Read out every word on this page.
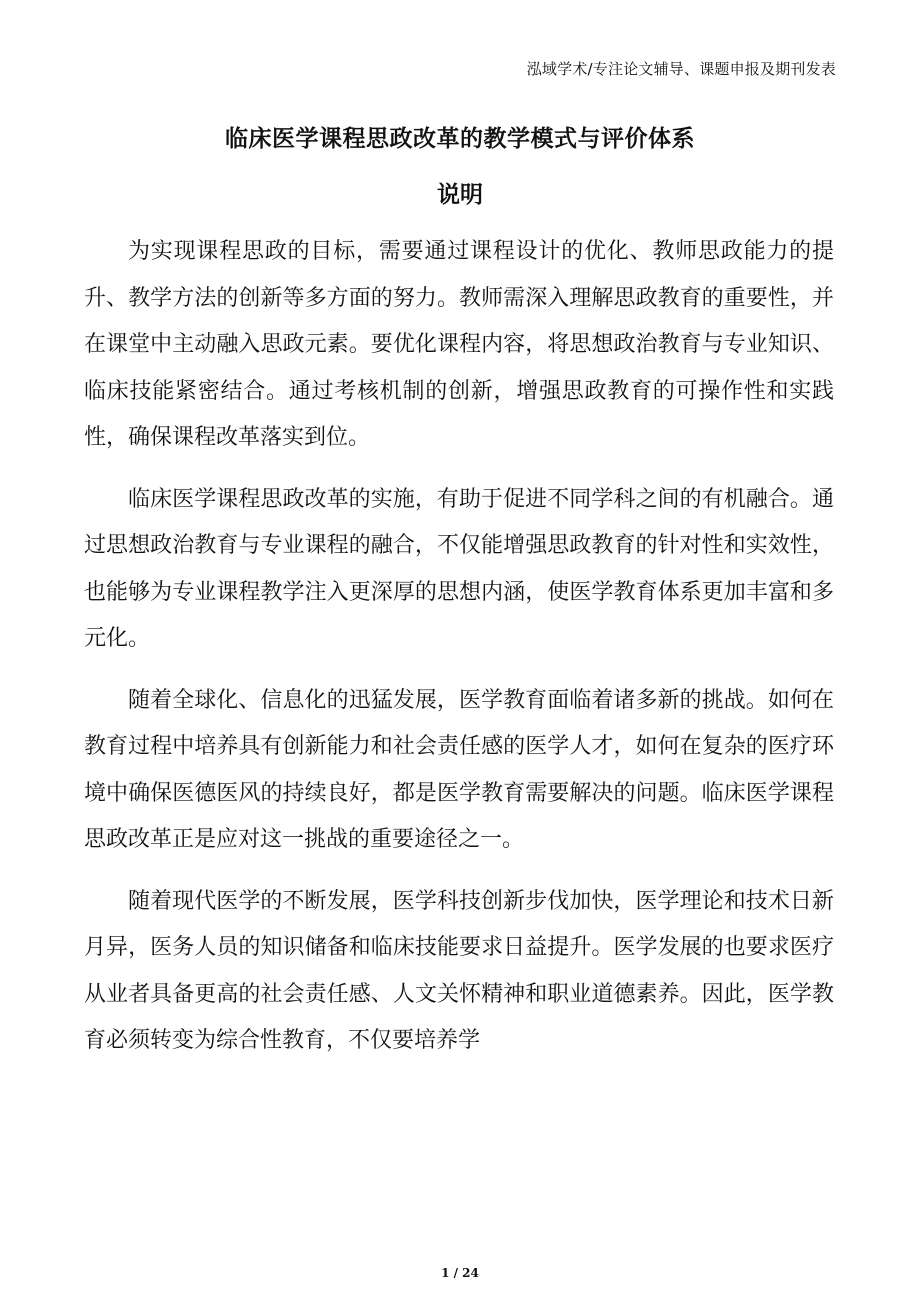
泓域学术/专注论文辅导、课题申报及期刊发表
临床医学课程思政改革的教学模式与评价体系
说明

为实现课程思政的目标，需要通过课程设计的优化、教师思政能力的提升、教学方法的创新等多方面的努力。教师需深入理解思政教育的重要性，并在课堂中主动融入思政元素。要优化课程内容，将思想政治教育与专业知识、临床技能紧密结合。通过考核机制的创新，增强思政教育的可操作性和实践性，确保课程改革落实到位。

临床医学课程思政改革的实施，有助于促进不同学科之间的有机融合。通过思想政治教育与专业课程的融合，不仅能增强思政教育的针对性和实效性，也能够为专业课程教学注入更深厚的思想内涵，使医学教育体系更加丰富和多元化。

随着全球化、信息化的迅猛发展，医学教育面临着诸多新的挑战。如何在教育过程中培养具有创新能力和社会责任感的医学人才，如何在复杂的医疗环境中确保医德医风的持续良好，都是医学教育需要解决的问题。临床医学课程思政改革正是应对这一挑战的重要途径之一。

随着现代医学的不断发展，医学科技创新步伐加快，医学理论和技术日新月异，医务人员的知识储备和临床技能要求日益提升。医学发展的也要求医疗从业者具备更高的社会责任感、人文关怀精神和职业道德素养。因此，医学教育必须转变为综合性教育，不仅要培养学

1 / 24
